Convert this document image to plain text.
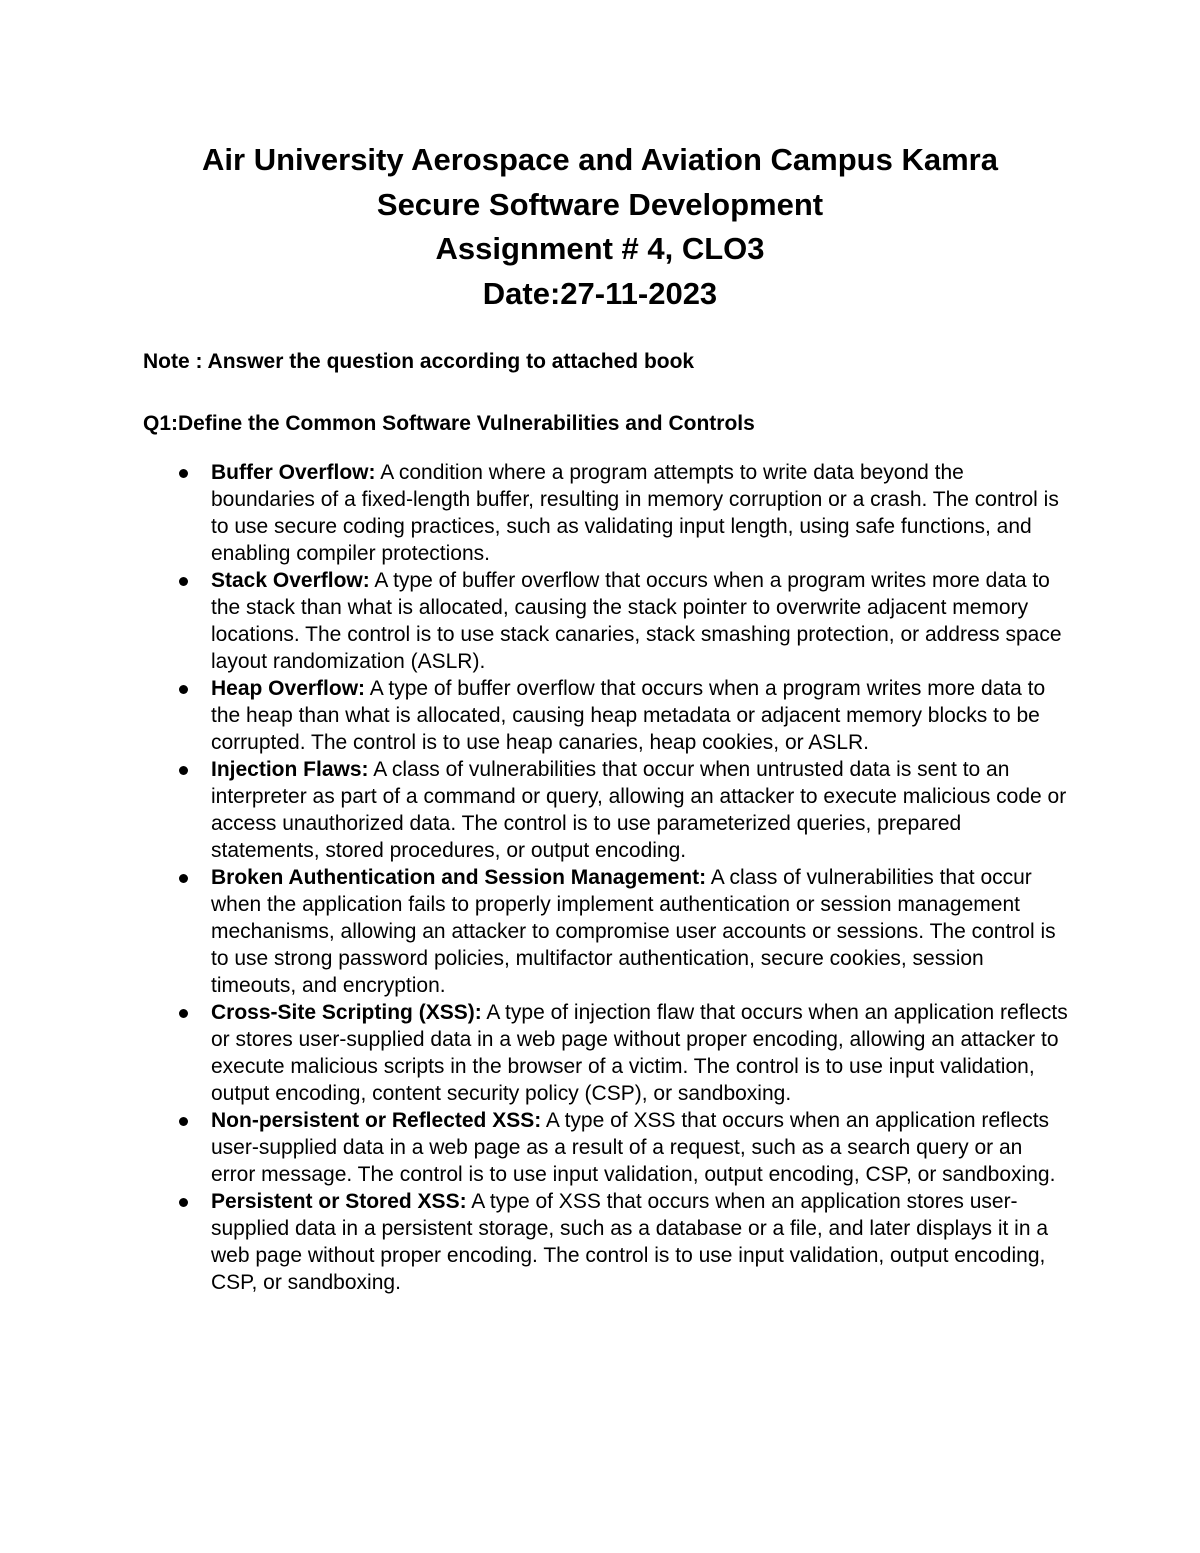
Air University Aerospace and Aviation Campus Kamra
Secure Software Development
Assignment # 4, CLO3
Date:27-11-2023
Note : Answer the question according to attached book
Q1:Define the Common Software Vulnerabilities and Controls
Buffer Overflow: A condition where a program attempts to write data beyond the boundaries of a fixed-length buffer, resulting in memory corruption or a crash. The control is to use secure coding practices, such as validating input length, using safe functions, and enabling compiler protections.
Stack Overflow: A type of buffer overflow that occurs when a program writes more data to the stack than what is allocated, causing the stack pointer to overwrite adjacent memory locations. The control is to use stack canaries, stack smashing protection, or address space layout randomization (ASLR).
Heap Overflow: A type of buffer overflow that occurs when a program writes more data to the heap than what is allocated, causing heap metadata or adjacent memory blocks to be corrupted. The control is to use heap canaries, heap cookies, or ASLR.
Injection Flaws: A class of vulnerabilities that occur when untrusted data is sent to an interpreter as part of a command or query, allowing an attacker to execute malicious code or access unauthorized data. The control is to use parameterized queries, prepared statements, stored procedures, or output encoding.
Broken Authentication and Session Management: A class of vulnerabilities that occur when the application fails to properly implement authentication or session management mechanisms, allowing an attacker to compromise user accounts or sessions. The control is to use strong password policies, multifactor authentication, secure cookies, session timeouts, and encryption.
Cross-Site Scripting (XSS): A type of injection flaw that occurs when an application reflects or stores user-supplied data in a web page without proper encoding, allowing an attacker to execute malicious scripts in the browser of a victim. The control is to use input validation, output encoding, content security policy (CSP), or sandboxing.
Non-persistent or Reflected XSS: A type of XSS that occurs when an application reflects user-supplied data in a web page as a result of a request, such as a search query or an error message. The control is to use input validation, output encoding, CSP, or sandboxing.
Persistent or Stored XSS: A type of XSS that occurs when an application stores user-supplied data in a persistent storage, such as a database or a file, and later displays it in a web page without proper encoding. The control is to use input validation, output encoding, CSP, or sandboxing.
